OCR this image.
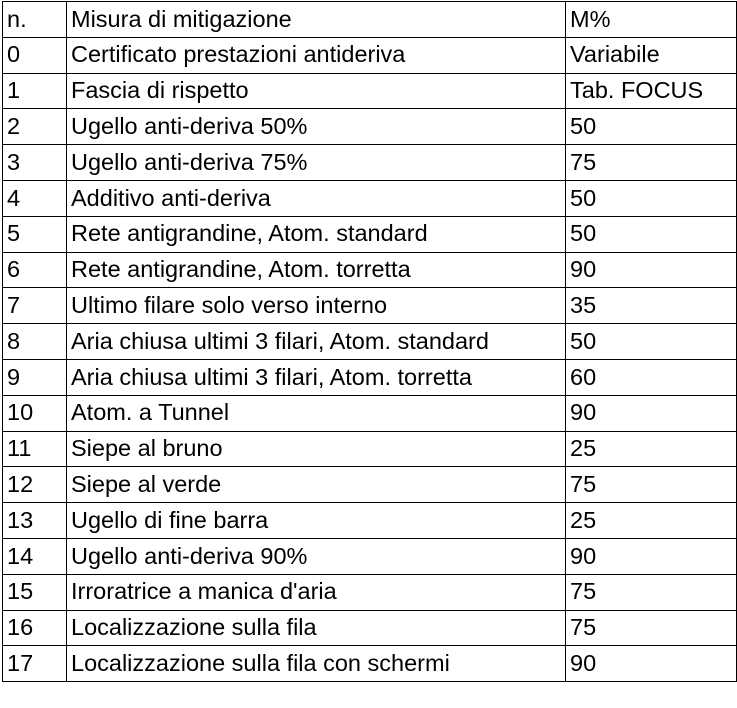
n.	Misura di mitigazione	M%
0	Certificato prestazioni antideriva	Variabile
1	Fascia di rispetto	Tab. FOCUS
2	Ugello anti-deriva 50%	50
3	Ugello anti-deriva 75%	75
4	Additivo anti-deriva	50
5	Rete antigrandine, Atom. standard	50
6	Rete antigrandine, Atom. torretta	90
7	Ultimo filare solo verso interno	35
8	Aria chiusa ultimi 3 filari, Atom. standard	50
9	Aria chiusa ultimi 3 filari, Atom. torretta	60
10	Atom. a Tunnel	90
11	Siepe al bruno	25
12	Siepe al verde	75
13	Ugello di fine barra	25
14	Ugello anti-deriva 90%	90
15	Irroratrice a manica d'aria	75
16	Localizzazione sulla fila	75
17	Localizzazione sulla fila con schermi	90
